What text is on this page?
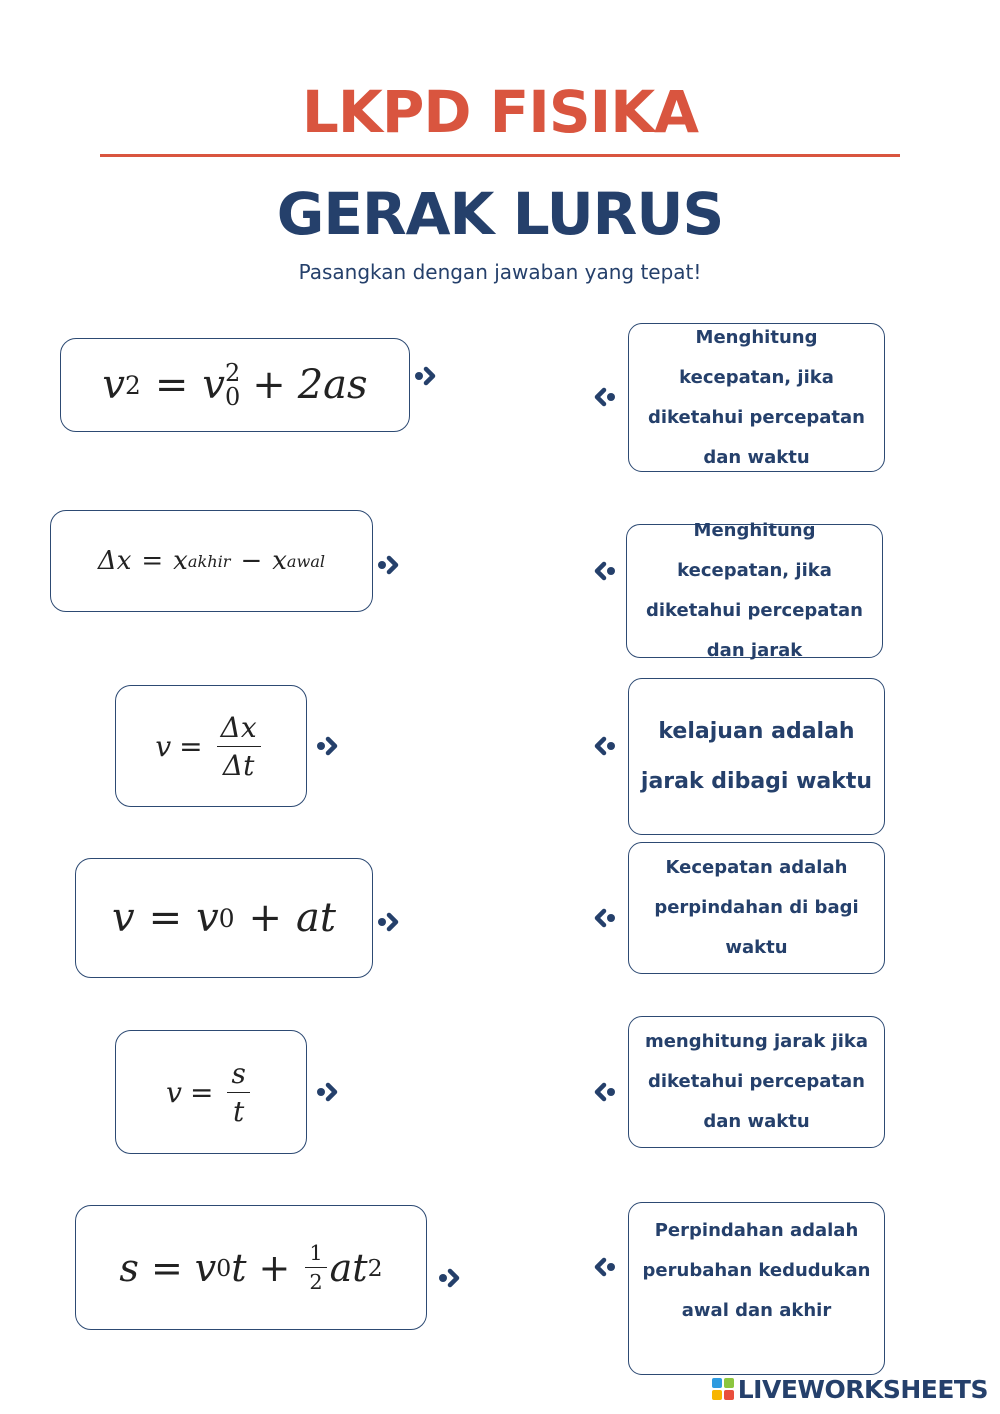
LKPD FISIKA
GERAK LURUS
Pasangkan dengan jawaban yang tepat!
v 2 = v 2
0 + 2as
Δx = x akhir − x awal
$v = \frac{\Delta x}{\Delta t}$
v = v 0 + at
$v = \frac{s}{t}$
s = v 0 $t + \frac{1}{2}$ at 2
Menghitung kecepatan, jika diketahui percepatan dan waktu
Menghitung kecepatan, jika diketahui percepatan dan jarak
kelajuan adalah jarak dibagi waktu
Kecepatan adalah perpindahan di bagi waktu
menghitung jarak jika diketahui percepatan dan waktu
Perpindahan adalah perubahan kedudukan awal dan akhir
LIVEWORKSHEETS
